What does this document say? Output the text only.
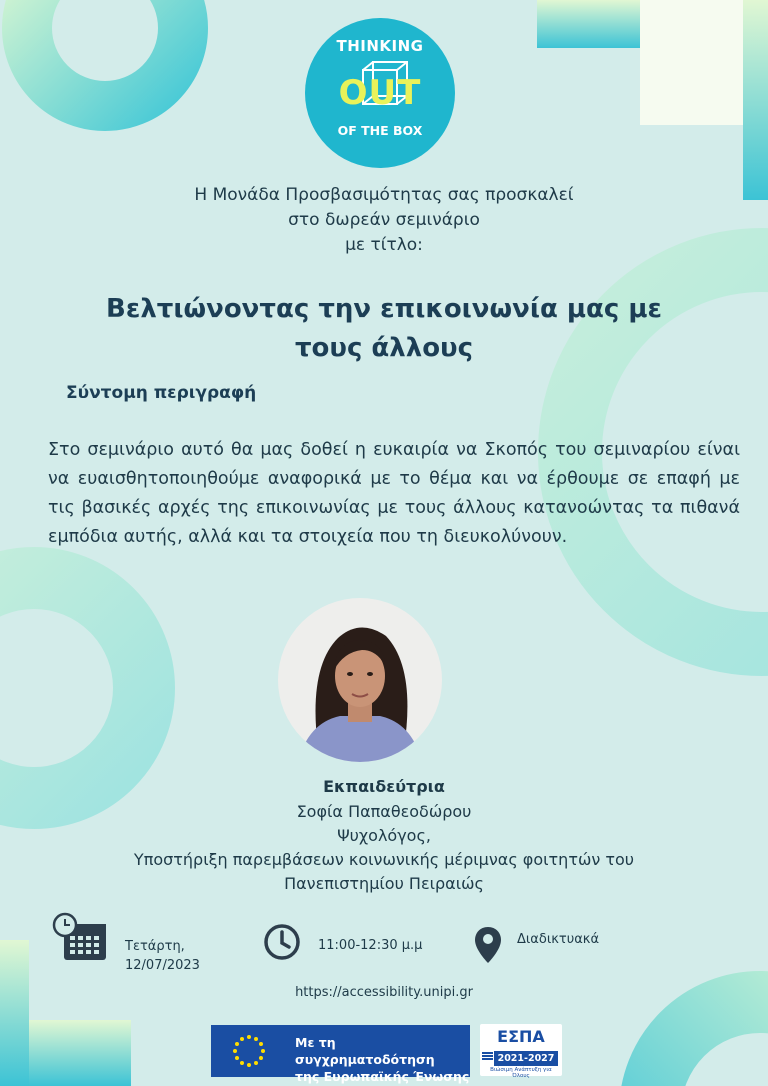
THINKING
OUT
OF THE BOX
Η Μονάδα Προσβασιμότητας σας προσκαλεί
στο δωρεάν σεμινάριο
με τίτλο:
Βελτιώνοντας την επικοινωνία μας με
τους άλλους
Σύντομη περιγραφή
Στο σεμινάριο αυτό θα μας δοθεί η ευκαιρία να Σκοπός του σεμιναρίου είναι να ευαισθητοποιηθούμε αναφορικά με το θέμα και να έρθουμε σε επαφή με τις βασικές αρχές της επικοινωνίας με τους άλλους κατανοώντας τα πιθανά εμπόδια αυτής, αλλά και τα στοιχεία που τη διευκολύνουν.
Εκπαιδεύτρια
Σοφία Παπαθεοδώρου
Ψυχολόγος,
Υποστήριξη παρεμβάσεων κοινωνικής μέριμνας φοιτητών του
Πανεπιστημίου Πειραιώς
Τετάρτη,
12/07/2023
11:00-12:30 μ.μ	Διαδικτυακά
https://accessibility.unipi.gr
Με τη συγχρηματοδότηση
της Ευρωπαϊκής Ένωσης
ΕΣΠΑ
2021-2027
Βιώσιμη Ανάπτυξη για Όλους
